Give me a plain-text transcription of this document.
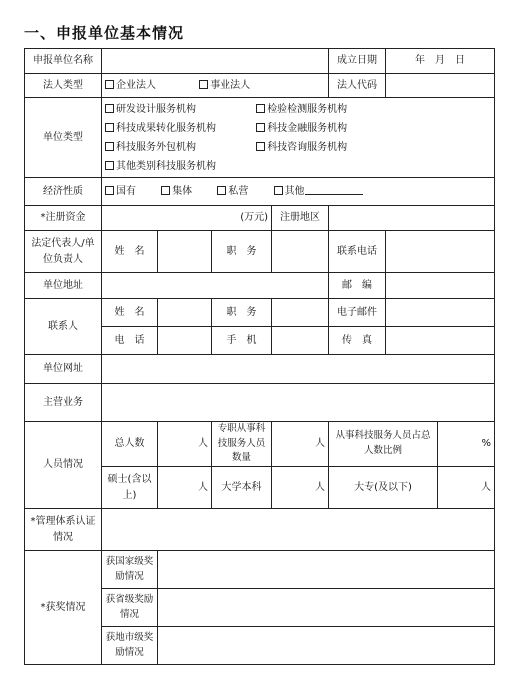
一、申报单位基本情况
申报单位名称					成立日期	年　月　日	
法人类型	企业法人 事业法人				法人代码		
单位类型	研发设计服务机构 检验检测服务机构
科技成果转化服务机构 科技金融服务机构
科技服务外包机构 科技咨询服务机构
其他类别科技服务机构						

经济性质	国有 集体 私营 其他						
*注册资金	(万元)			注册地区			
法定代表人/单位负责人	姓　名		职　务		联系电话		
单位地址					邮　编		
联系人	姓　名		职　务		电子邮件		
	电　话		手　机		传　真		
单位网址							
主营业务							
人员情况	总人数	人	专职从事科技服务人员数量	人	从事科技服务人员占总人数比例		%
	硕士(含以上)	人	大学本科	人	大专(及以下)		人
*管理体系认证情况							
*获奖情况	获国家级奖励情况						
	获省级奖励情况						
	获地市级奖励情况						
